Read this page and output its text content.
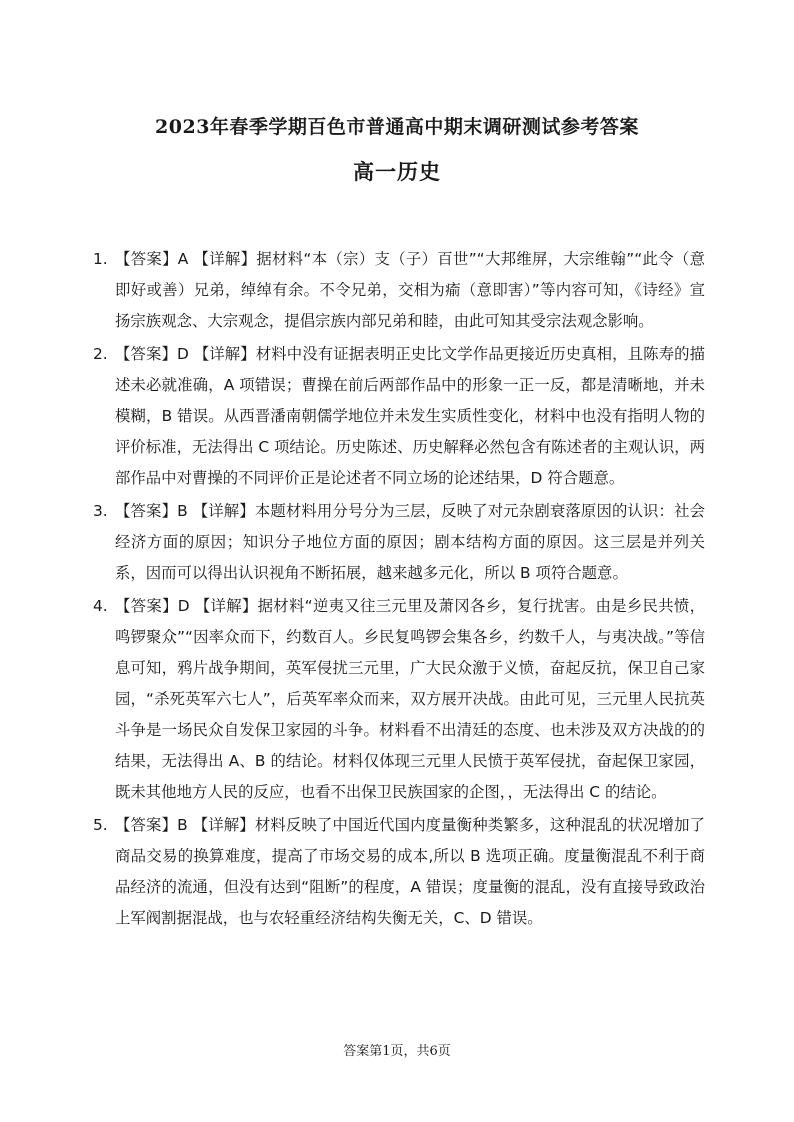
2023年春季学期百色市普通高中期末调研测试参考答案
高一历史
1. 【答案】A 【详解】据材料“本（宗）支（子）百世”“大邦维屏，大宗维翰”“此令（意即好或善）兄弟，绰绰有余。不令兄弟，交相为瘉（意即害）”等内容可知，《诗经》宣扬宗族观念、大宗观念，提倡宗族内部兄弟和睦，由此可知其受宗法观念影响。
2. 【答案】D 【详解】材料中没有证据表明正史比文学作品更接近历史真相，且陈寿的描述未必就准确，A 项错误；曹操在前后两部作品中的形象一正一反，都是清晰地，并未模糊，B 错误。从西晋潘南朝儒学地位并未发生实质性变化，材料中也没有指明人物的评价标准，无法得出 C 项结论。历史陈述、历史解释必然包含有陈述者的主观认识，两部作品中对曹操的不同评价正是论述者不同立场的论述结果，D 符合题意。
3. 【答案】B 【详解】本题材料用分号分为三层，反映了对元杂剧衰落原因的认识：社会经济方面的原因；知识分子地位方面的原因；剧本结构方面的原因。这三层是并列关系，因而可以得出认识视角不断拓展，越来越多元化，所以 B 项符合题意。
4. 【答案】D 【详解】据材料“逆夷又往三元里及萧冈各乡，复行扰害。由是乡民共愤，鸣锣聚众”“因率众而下，约数百人。乡民复鸣锣会集各乡，约数千人，与夷决战。”等信息可知，鸦片战争期间，英军侵扰三元里，广大民众激于义愤，奋起反抗，保卫自己家园，“杀死英军六七人”，后英军率众而来，双方展开决战。由此可见，三元里人民抗英斗争是一场民众自发保卫家园的斗争。材料看不出清廷的态度、也未涉及双方决战的的结果，无法得出 A、B 的结论。材料仅体现三元里人民愤于英军侵扰，奋起保卫家园，既未其他地方人民的反应，也看不出保卫民族国家的企图，，无法得出 C 的结论。
5. 【答案】B 【详解】材料反映了中国近代国内度量衡种类繁多，这种混乱的状况增加了商品交易的换算难度，提高了市场交易的成本,所以 B 选项正确。度量衡混乱不利于商品经济的流通，但没有达到“阻断”的程度，A 错误；度量衡的混乱，没有直接导致政治上军阀割据混战，也与农轻重经济结构失衡无关，C、D 错误。
答案第1页，共6页
